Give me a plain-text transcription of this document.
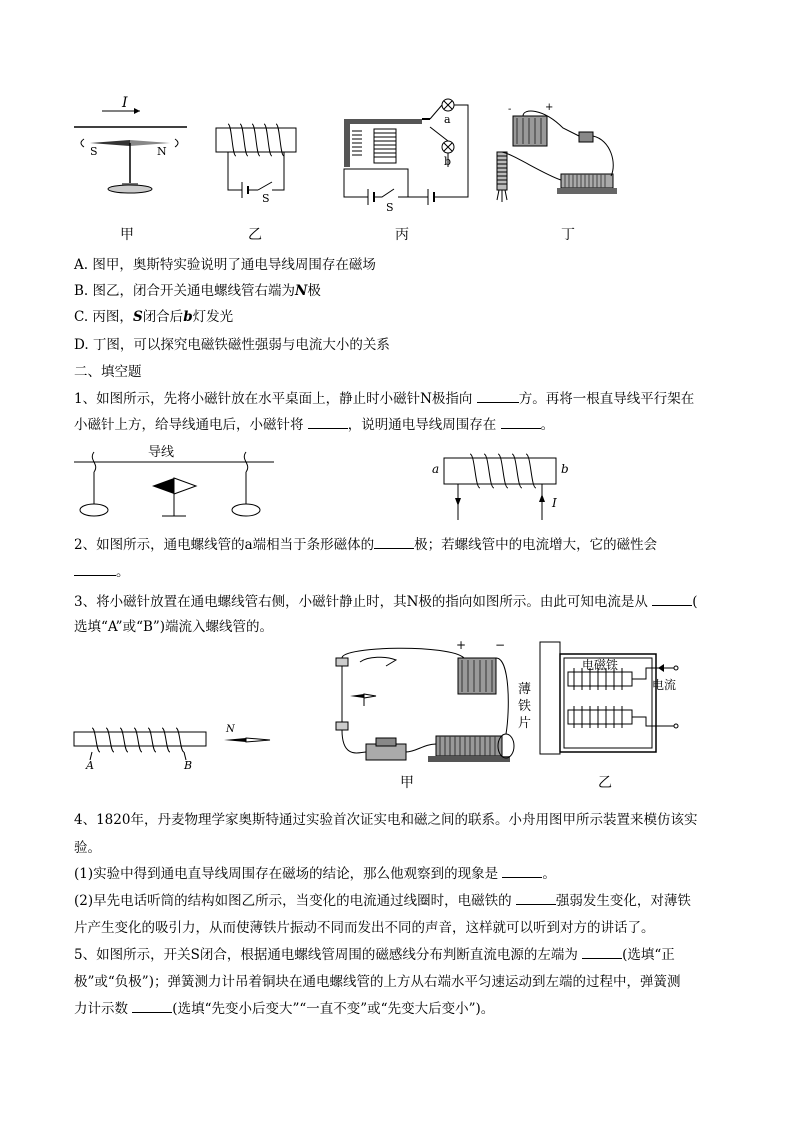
I
S	N
S
a
b
S
-	+
甲	乙	丙	丁
A. 图甲，奥斯特实验说明了通电导线周围存在磁场
B. 图乙，闭合开关通电螺线管右端为N极
C. 丙图，S闭合后b灯发光
D. 丁图，可以探究电磁铁磁性强弱与电流大小的关系
二、填空题
1、如图所示，先将小磁针放在水平桌面上，静止时小磁针N极指向	方。再将一根直导线平行架在
小磁针上方，给导线通电后，小磁针将	，说明通电导线周围存在	。
导线
a	b
I
2、如图所示，通电螺线管的a端相当于条形磁体的	极；若螺线管中的电流增大，它的磁性会
。
3、将小磁针放置在通电螺线管右侧，小磁针静止时，其N极的指向如图所示。由此可知电流是从	(
选填“A”或“B”)端流入螺线管的。
A	B
N
+ −
甲
电磁铁
薄
铁
片
电流
乙
4、1820年，丹麦物理学家奥斯特通过实验首次证实电和磁之间的联系。小舟用图甲所示装置来模仿该实
验。
(1)实验中得到通电直导线周围存在磁场的结论，那么他观察到的现象是	。
(2)早先电话听筒的结构如图乙所示，当变化的电流通过线圈时，电磁铁的	强弱发生变化，对薄铁
片产生变化的吸引力，从而使薄铁片振动不同而发出不同的声音，这样就可以听到对方的讲话了。
5、如图所示，开关S闭合，根据通电螺线管周围的磁感线分布判断直流电源的左端为	(选填“正
极”或“负极”)；弹簧测力计吊着铜块在通电螺线管的上方从右端水平匀速运动到左端的过程中，弹簧测
力计示数	(选填“先变小后变大”“一直不变”或“先变大后变小”)。
